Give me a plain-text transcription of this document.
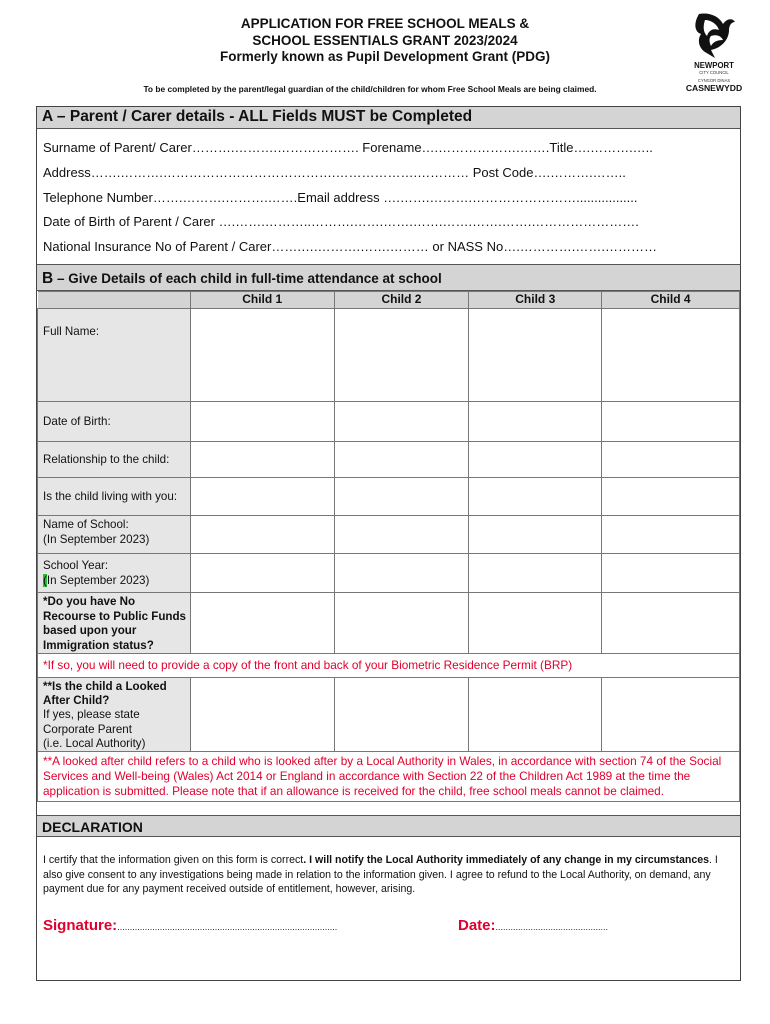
APPLICATION FOR FREE SCHOOL MEALS &
SCHOOL ESSENTIALS GRANT 2023/2024
Formerly known as Pupil Development Grant (PDG)
To be completed by the parent/legal guardian of the child/children for whom Free School Meals are being claimed.
NEWPORT
CITY COUNCIL
CYNGOR DINAS
CASNEWYDD
A – Parent / Carer details - ALL Fields MUST be Completed
Surname of Parent/ Carer……….……….………………. Forename….……………….…….Title….……….…..
Address…….……….………………………………….……………….………… Post Code….……….……..
Telephone Number…….……….……….…….Email address ….…….……….…………………….................
Date of Birth of Parent / Carer ….…….………..……….…….…….…….…….…….…….…………………….
National Insurance No of Parent / Carer…….….……….…….……… or NASS No….………….…….…………
B – Give Details of each child in full-time attendance at school
	Child 1	Child 2	Child 3	Child 4
Full Name:				
Date of Birth:				
Relationship to the child:				
Is the child living with you:				

Name of School:
(In September 2023)				

School Year:
(In September 2023)				

*Do you have No Recourse to Public Funds based upon your Immigration status?				
*If so, you will need to provide a copy of the front and back of your Biometric Residence Permit (BRP)				

**Is the child a Looked After Child?
If yes, please state
Corporate Parent
(i.e. Local Authority)				

**A looked after child refers to a child who is looked after by a Local Authority in Wales, in accordance with section 74 of the Social Services and Well-being (Wales) Act 2014 or England in accordance with Section 22 of the Children Act 1989 at the time the application is submitted. Please note that if an allowance is received for the child, free school meals cannot be claimed.				
DECLARATION
I certify that the information given on this form is correct. I will notify the Local Authority immediately of any change in my circumstances. I also give consent to any investigations being made in relation to the information given. I agree to refund to the Local Authority, on demand, any payment due for any payment received outside of entitlement, however, arising.
Signature:........................................................................................	Date:.............................................
